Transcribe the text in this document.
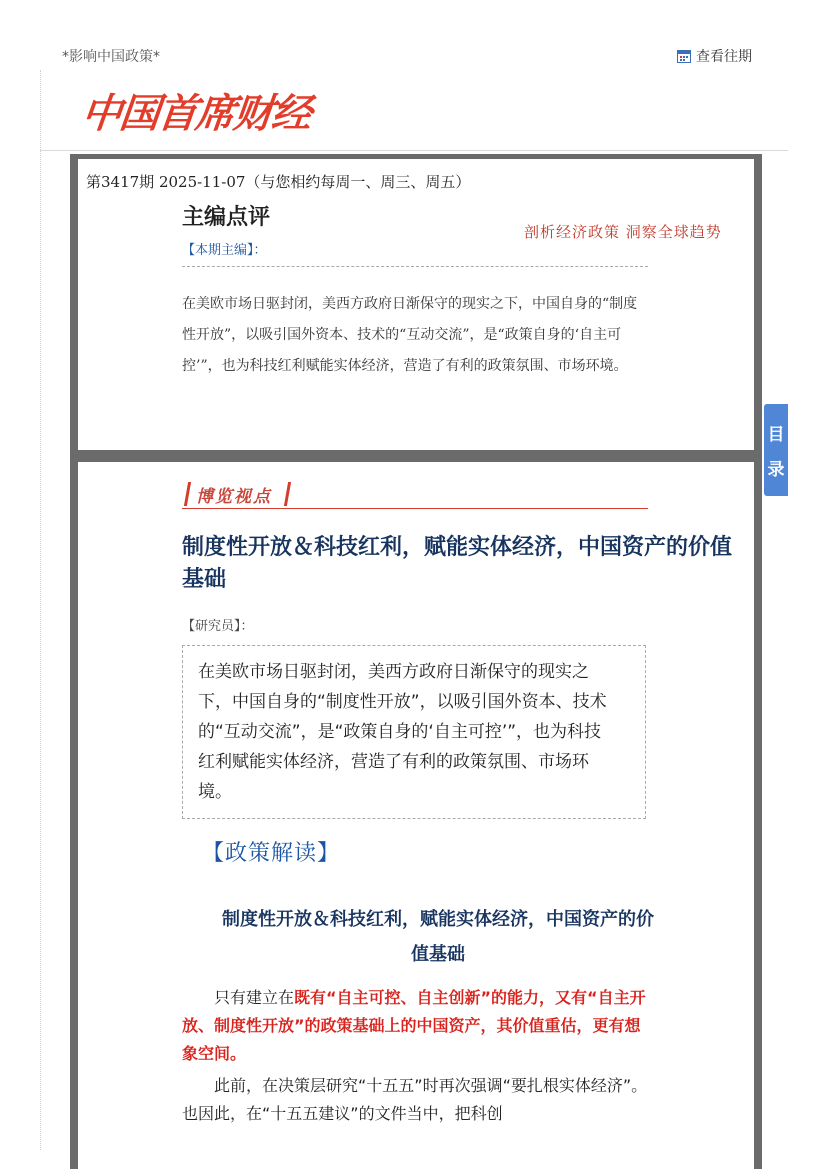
*影响中国政策*	查看往期
中国首席财经
第3417期 2025-11-07（与您相约每周一、周三、周五）
主编点评
剖析经济政策 洞察全球趋势
【本期主编】：
在美欧市场日驱封闭，美西方政府日渐保守的现实之下，中国自身的“制度性开放”，以吸引国外资本、技术的“互动交流”，是“政策自身的‘自主可控’”，也为科技红利赋能实体经济，营造了有利的政策氛围、市场环境。
博览视点
制度性开放＆科技红利，赋能实体经济，中国资产的价值基础
【研究员】：
在美欧市场日驱封闭，美西方政府日渐保守的现实之下，中国自身的“制度性开放”，以吸引国外资本、技术的“互动交流”，是“政策自身的‘自主可控’”，也为科技红利赋能实体经济，营造了有利的政策氛围、市场环境。
【政策解读】
制度性开放＆科技红利，赋能实体经济，中国资产的价值基础
只有建立在既有“自主可控、自主创新”的能力，又有“自主开放、制度性开放”的政策基础上的中国资产，其价值重估，更有想象空间。
此前，在决策层研究“十五五”时再次强调“要扎根实体经济”。也因此，在“十五五建议”的文件当中，把科创
目
录
